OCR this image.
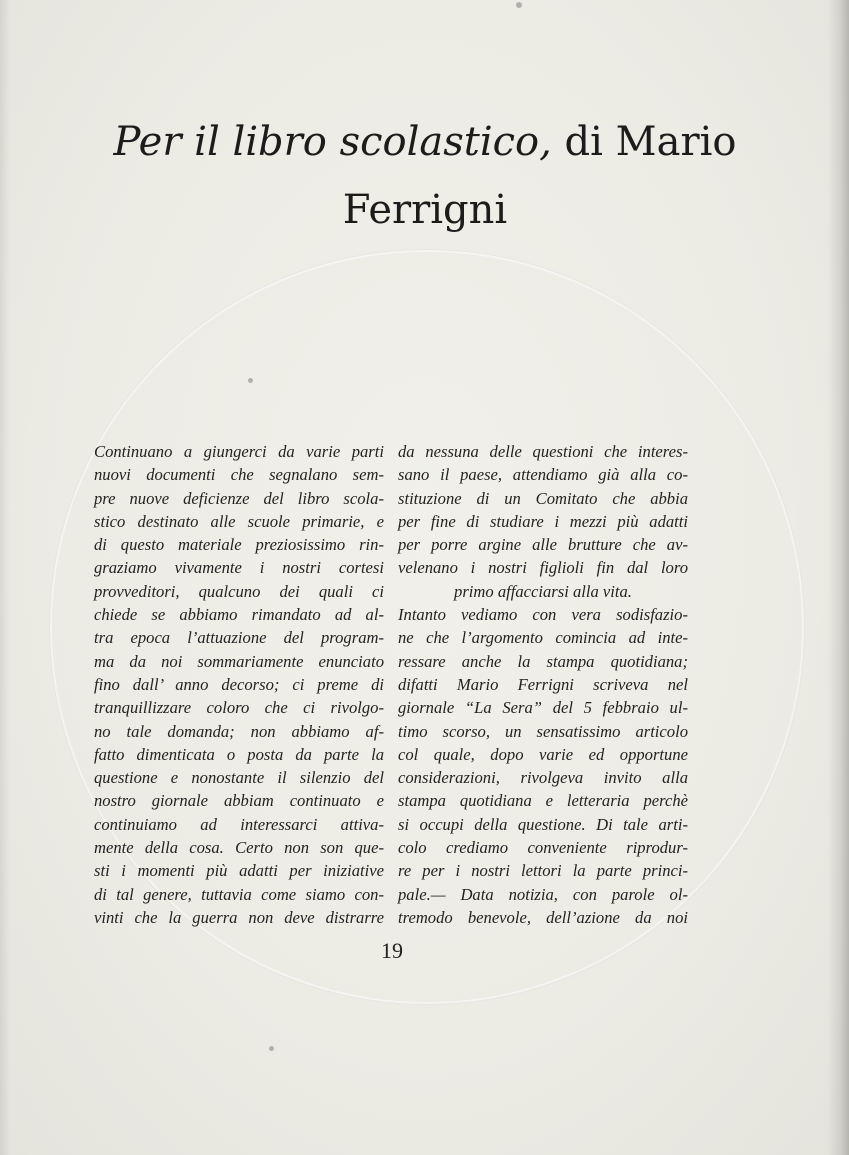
Per il libro scolastico, di Mario Ferrigni
Continuano a giungerci da varie parti
nuovi documenti che segnalano sem-
pre nuove deficienze del libro scola-
stico destinato alle scuole primarie, e
di questo materiale preziosissimo rin-
graziamo vivamente i nostri cortesi
provveditori, qualcuno dei quali ci
chiede se abbiamo rimandato ad al-
tra epoca l’attuazione del program-
ma da noi sommariamente enunciato
fino dall’ anno decorso; ci preme di
tranquillizzare coloro che ci rivolgo-
no tale domanda; non abbiamo af-
fatto dimenticata o posta da parte la
questione e nonostante il silenzio del
nostro giornale abbiam continuato e
continuiamo ad interessarci attiva-
mente della cosa. Certo non son que-
sti i momenti più adatti per iniziative
di tal genere, tuttavia come siamo con-
vinti che la guerra non deve distrarre
da nessuna delle questioni che interes-
sano il paese, attendiamo già alla co-
stituzione di un Comitato che abbia
per fine di studiare i mezzi più adatti
per porre argine alle brutture che av-
velenano i nostri figlioli fin dal loro
primo affacciarsi alla vita.
Intanto vediamo con vera sodisfazio-
ne che l’argomento comincia ad inte-
ressare anche la stampa quotidiana;
difatti Mario Ferrigni scriveva nel
giornale “La Sera” del 5 febbraio ul-
timo scorso, un sensatissimo articolo
col quale, dopo varie ed opportune
considerazioni, rivolgeva invito alla
stampa quotidiana e letteraria perchè
si occupi della questione. Di tale arti-
colo crediamo conveniente riprodur-
re per i nostri lettori la parte princi-
pale.— Data notizia, con parole ol-
tremodo benevole, dell’azione da noi
19
